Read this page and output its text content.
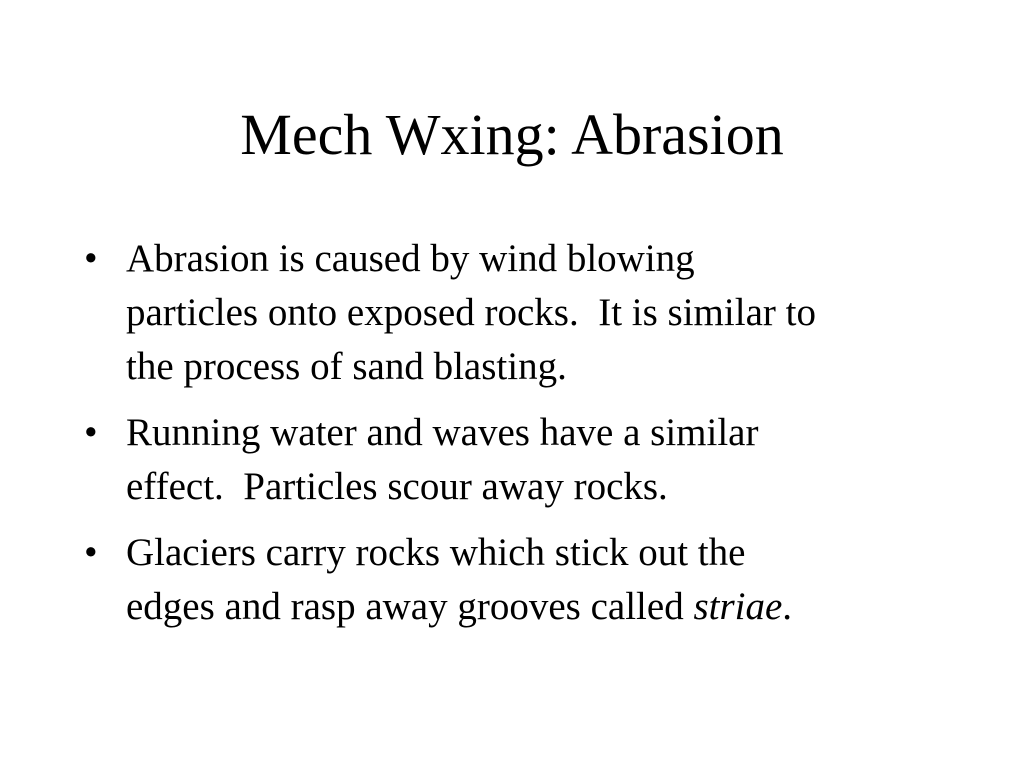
Mech Wxing: Abrasion
• Abrasion is caused by wind blowing
particles onto exposed rocks.  It is similar to
the process of sand blasting.
• Running water and waves have a similar
effect.  Particles scour away rocks.
• Glaciers carry rocks which stick out the
edges and rasp away grooves called striae.
